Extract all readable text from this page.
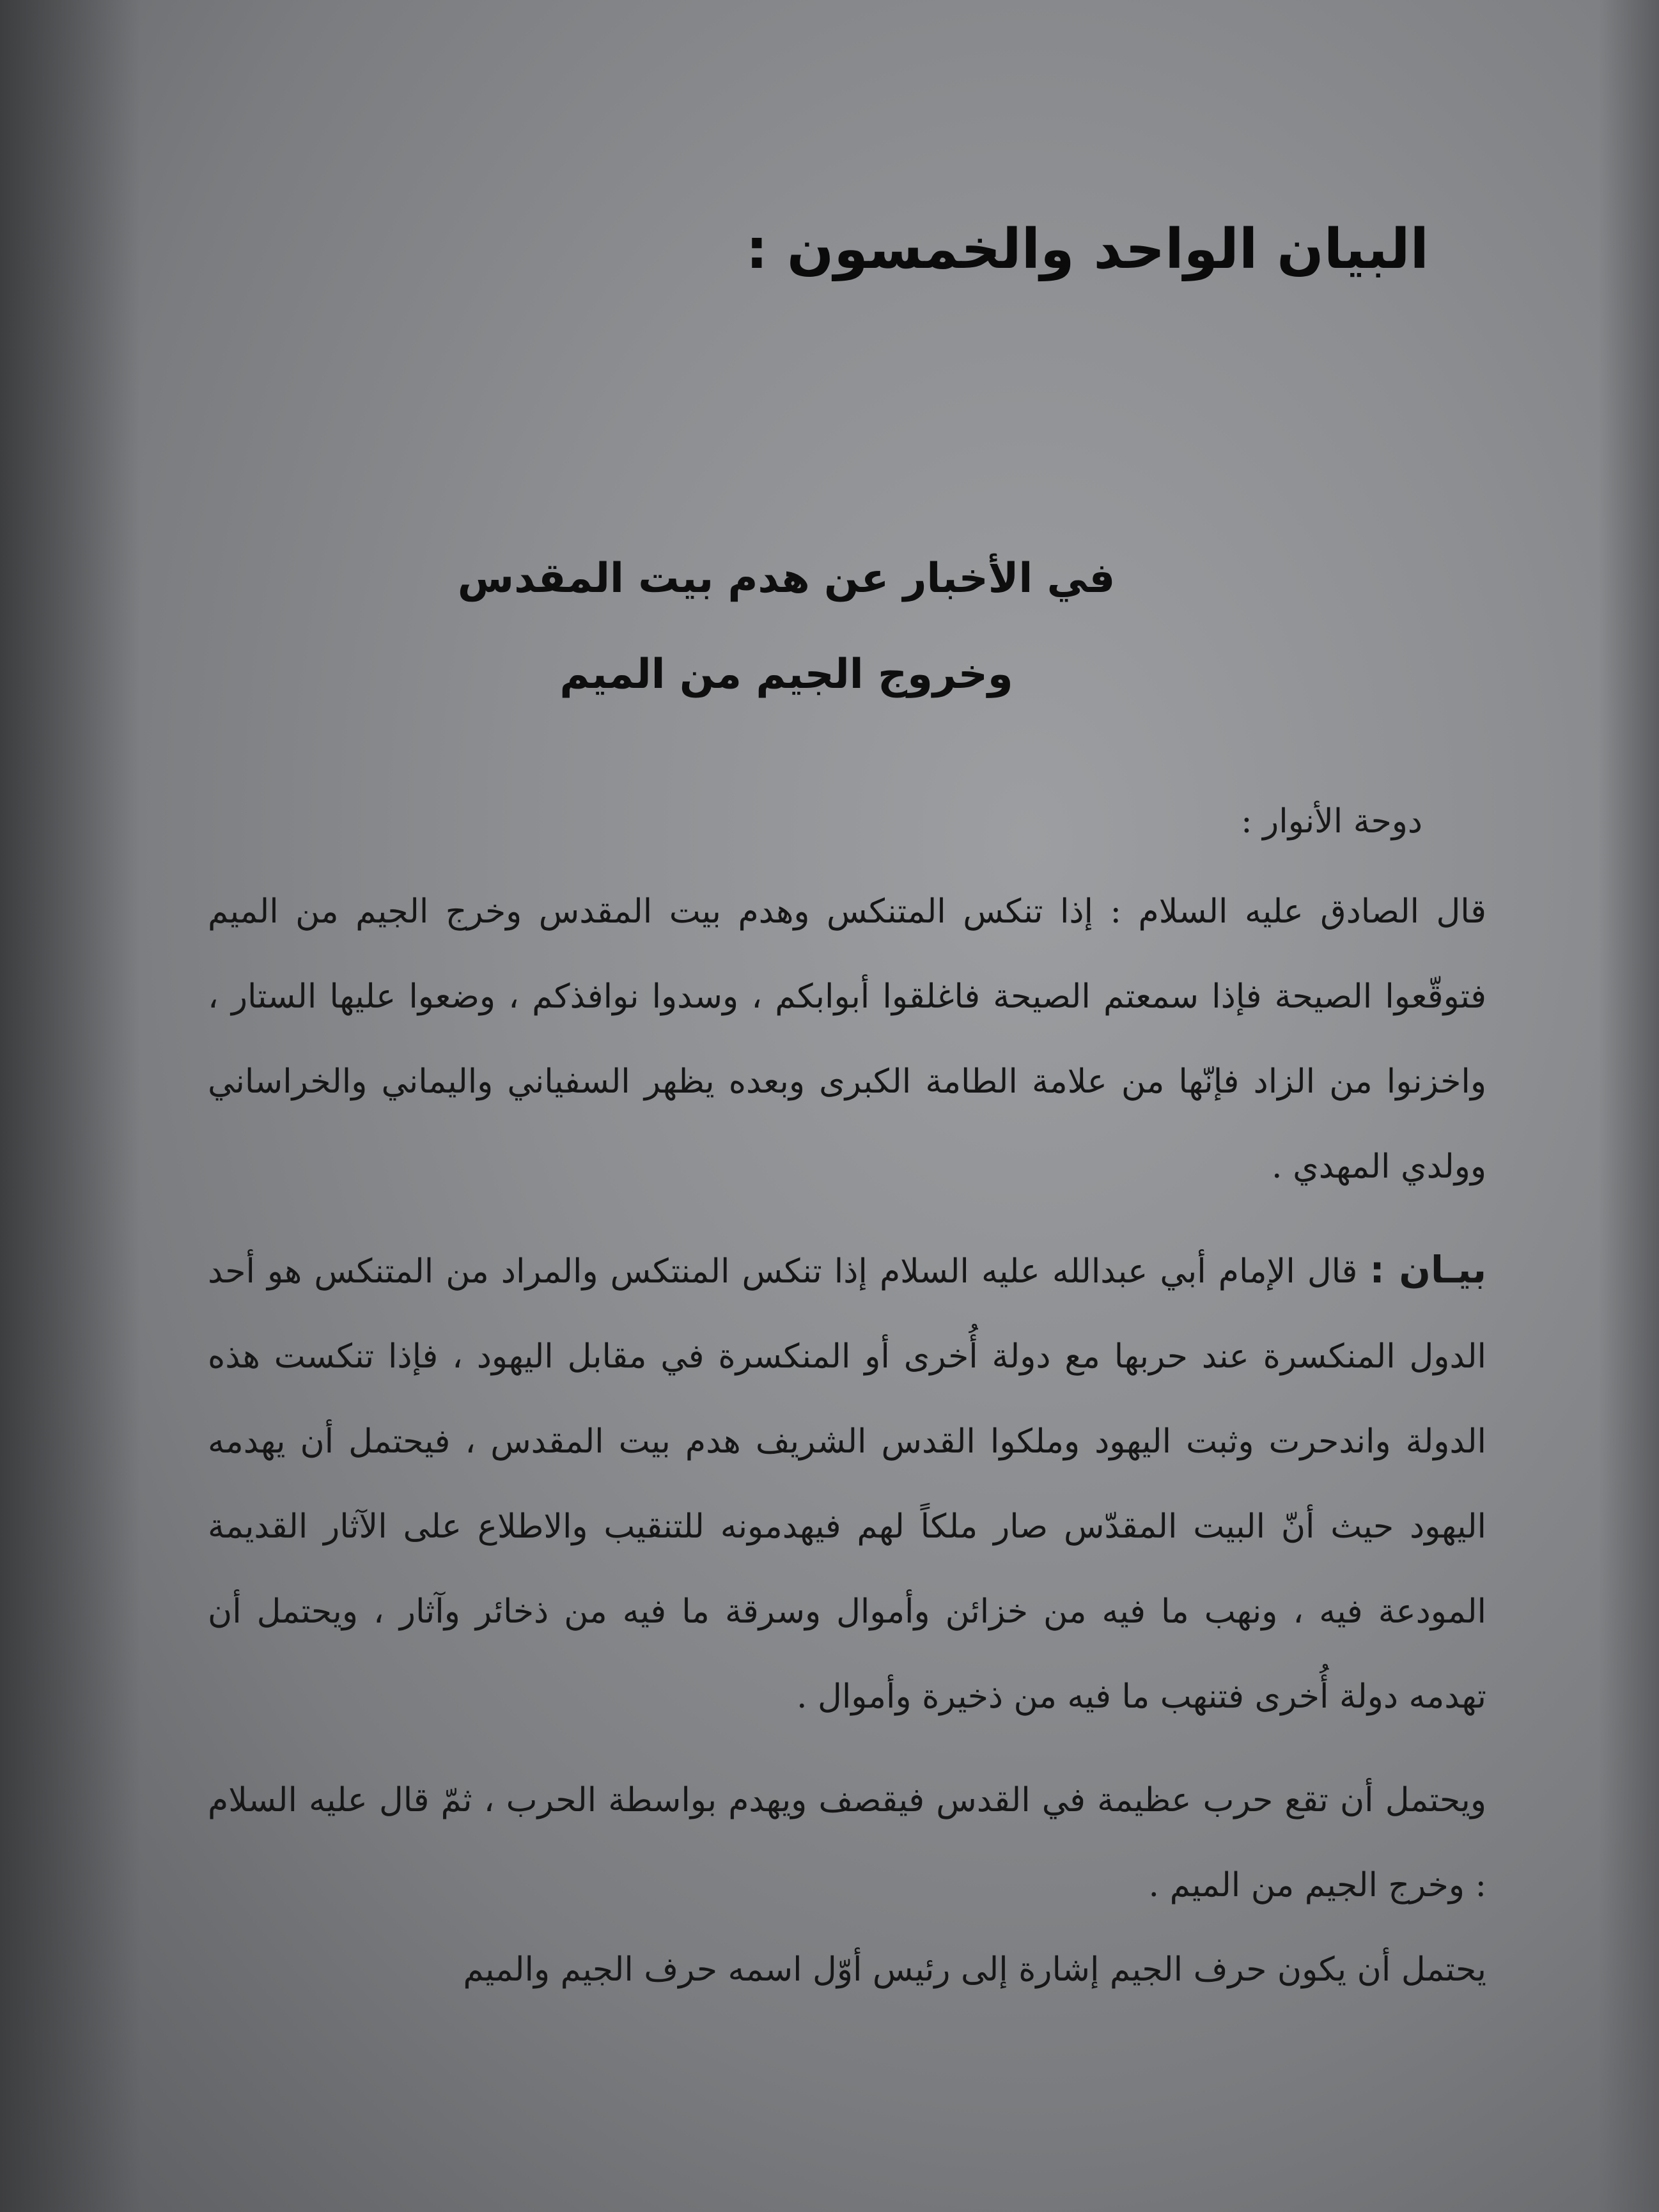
البيان الواحد والخمسون :
في الأخبار عن هدم بيت المقدس
وخروج الجيم من الميم

دوحة الأنوار :

قال الصادق عليه السلام : إذا تنكس المتنكس وهدم بيت المقدس وخرج الجيم من الميم فتوقّعوا الصيحة فإذا سمعتم الصيحة فاغلقوا أبوابكم ، وسدوا نوافذكم ، وضعوا عليها الستار ، واخزنوا من الزاد فإنّها من علامة الطامة الكبرى وبعده يظهر السفياني واليماني والخراساني وولدي المهدي .

بيـان : قال الإمام أبي عبدالله عليه السلام إذا تنكس المنتكس والمراد من المتنكس هو أحد الدول المنكسرة عند حربها مع دولة أُخرى أو المنكسرة في مقابل اليهود ، فإذا تنكست هذه الدولة واندحرت وثبت اليهود وملكوا القدس الشريف هدم بيت المقدس ، فيحتمل أن يهدمه اليهود حيث أنّ البيت المقدّس صار ملكاً لهم فيهدمونه للتنقيب والاطلاع على الآثار القديمة المودعة فيه ، ونهب ما فيه من خزائن وأموال وسرقة ما فيه من ذخائر وآثار ، ويحتمل أن تهدمه دولة أُخرى فتنهب ما فيه من ذخيرة وأموال .

ويحتمل أن تقع حرب عظيمة في القدس فيقصف ويهدم بواسطة الحرب ، ثمّ قال عليه السلام : وخرج الجيم من الميم .

يحتمل أن يكون حرف الجيم إشارة إلى رئيس أوّل اسمه حرف الجيم والميم
